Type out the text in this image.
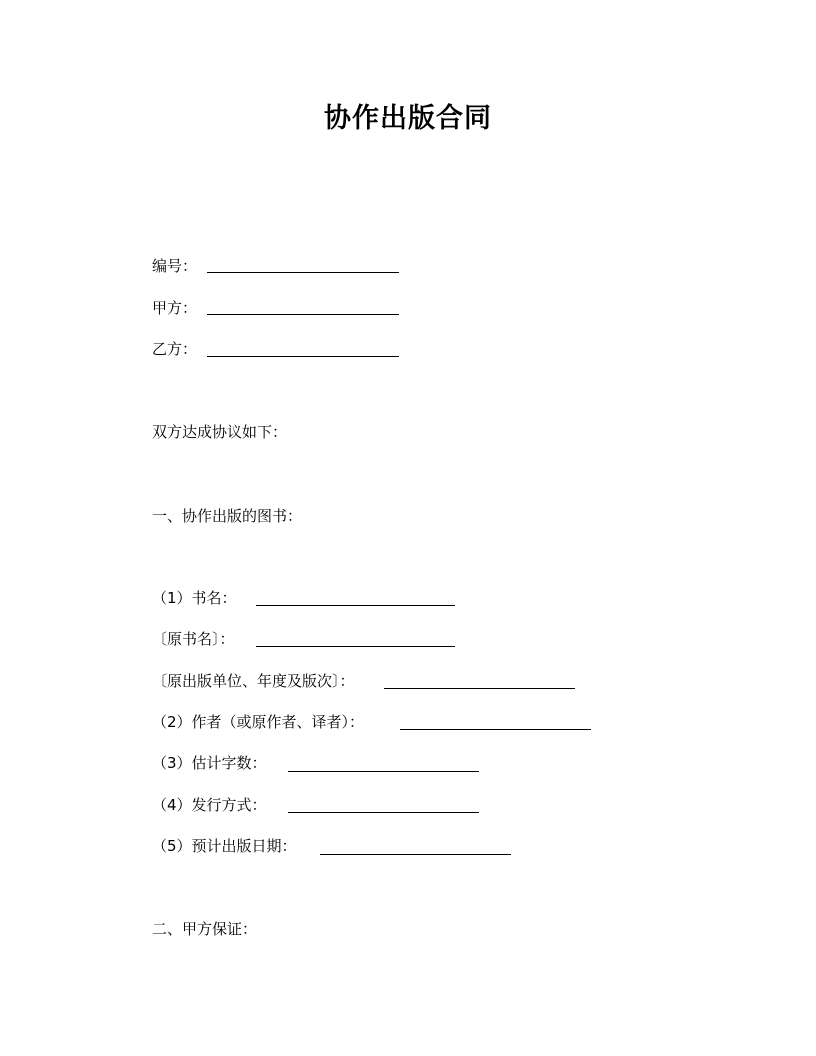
协作出版合同
编号：
甲方：
乙方：
双方达成协议如下：
一、协作出版的图书：
（1）书名：
〔原书名〕：
〔原出版单位、年度及版次〕：
（2）作者（或原作者、译者）：
（3）估计字数：
（4）发行方式：
（5）预计出版日期：
二、甲方保证：
